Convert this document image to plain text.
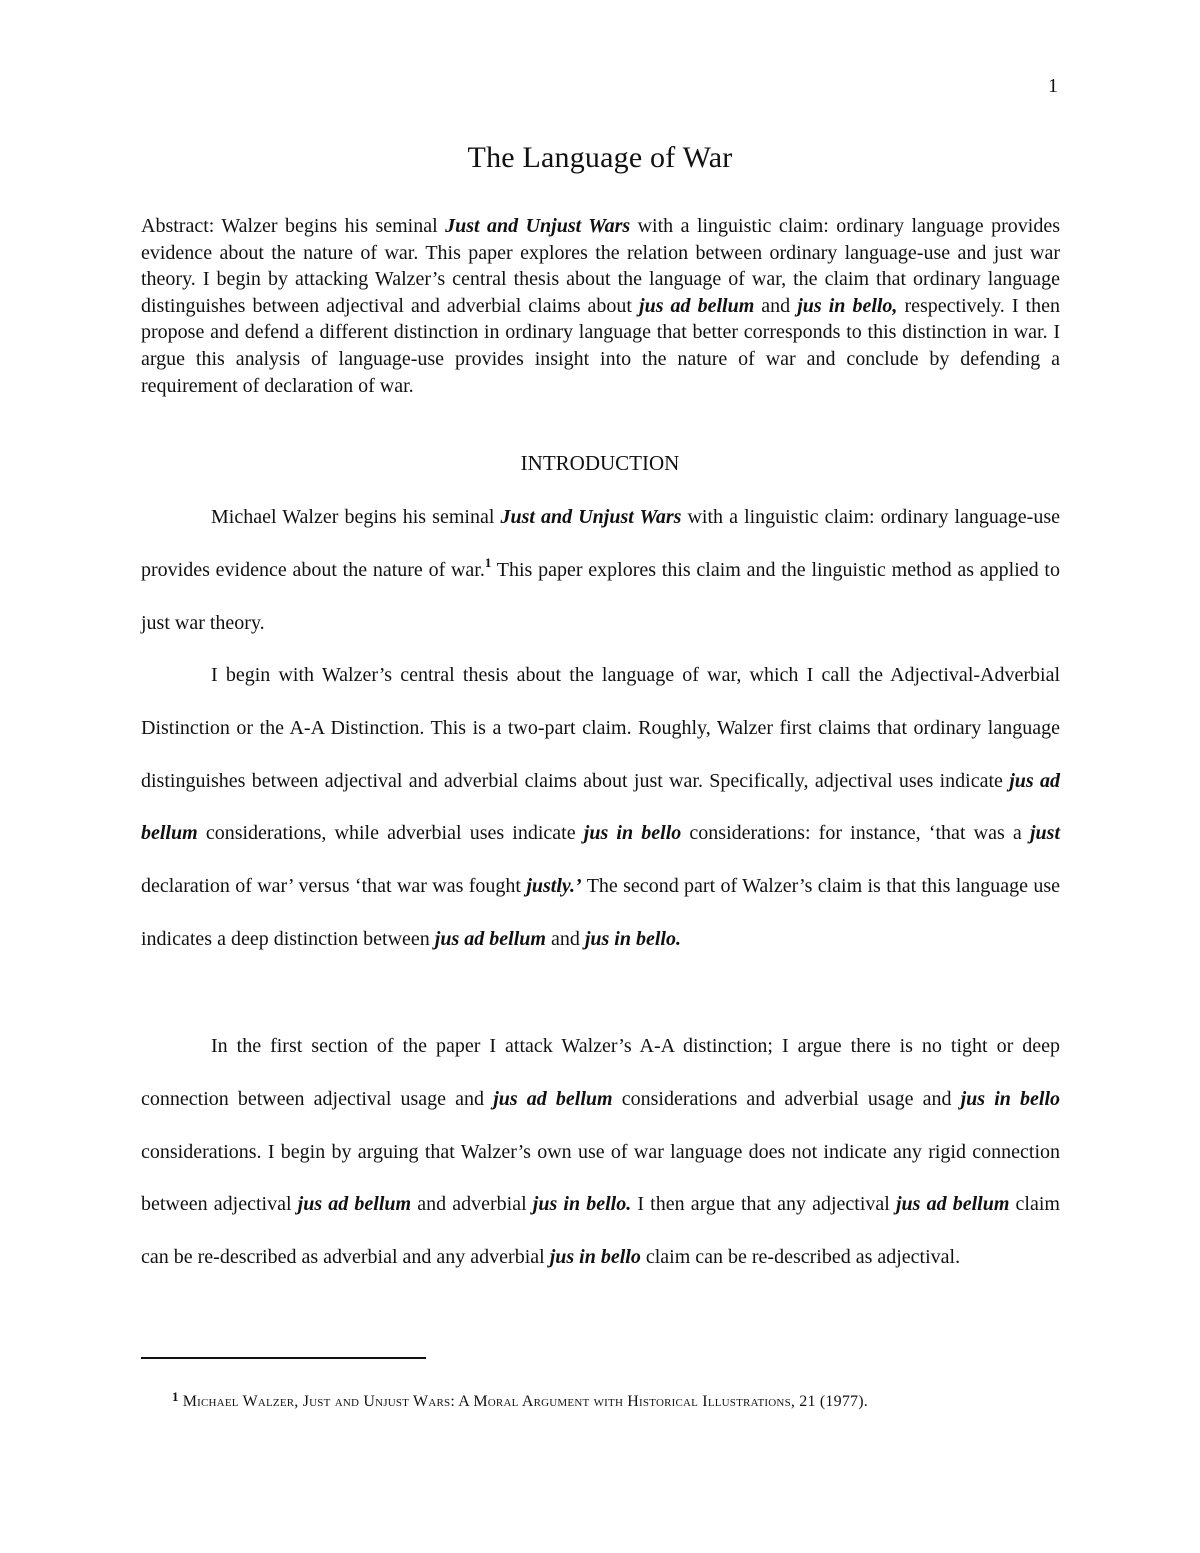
1
The Language of War

Abstract: Walzer begins his seminal Just and Unjust Wars with a linguistic claim: ordinary language provides evidence about the nature of war. This paper explores the relation between ordinary language-use and just war theory. I begin by attacking Walzer’s central thesis about the language of war, the claim that ordinary language distinguishes between adjectival and adverbial claims about jus ad bellum and jus in bello, respectively. I then propose and defend a different distinction in ordinary language that better corresponds to this distinction in war. I argue this analysis of language-use provides insight into the nature of war and conclude by defending a requirement of declaration of war.

INTRODUCTION

Michael Walzer begins his seminal Just and Unjust Wars with a linguistic claim: ordinary language-use provides evidence about the nature of war.$^1$ This paper explores this claim and the linguistic method as applied to just war theory.

I begin with Walzer’s central thesis about the language of war, which I call the Adjectival-Adverbial Distinction or the A-A Distinction. This is a two-part claim. Roughly, Walzer first claims that ordinary language distinguishes between adjectival and adverbial claims about just war. Specifically, adjectival uses indicate jus ad bellum considerations, while adverbial uses indicate jus in bello considerations: for instance, ‘that was a just declaration of war’ versus ‘that war was fought justly.’ The second part of Walzer’s claim is that this language use indicates a deep distinction between jus ad bellum and jus in bello.

In the first section of the paper I attack Walzer’s A-A distinction; I argue there is no tight or deep connection between adjectival usage and jus ad bellum considerations and adverbial usage and jus in bello considerations. I begin by arguing that Walzer’s own use of war language does not indicate any rigid connection between adjectival jus ad bellum and adverbial jus in bello. I then argue that any adjectival jus ad bellum claim can be re-described as adverbial and any adverbial jus in bello claim can be re-described as adjectival.

$^1$ Michael Walzer, Just and Unjust Wars: A Moral Argument with Historical Illustrations, 21 (1977).
